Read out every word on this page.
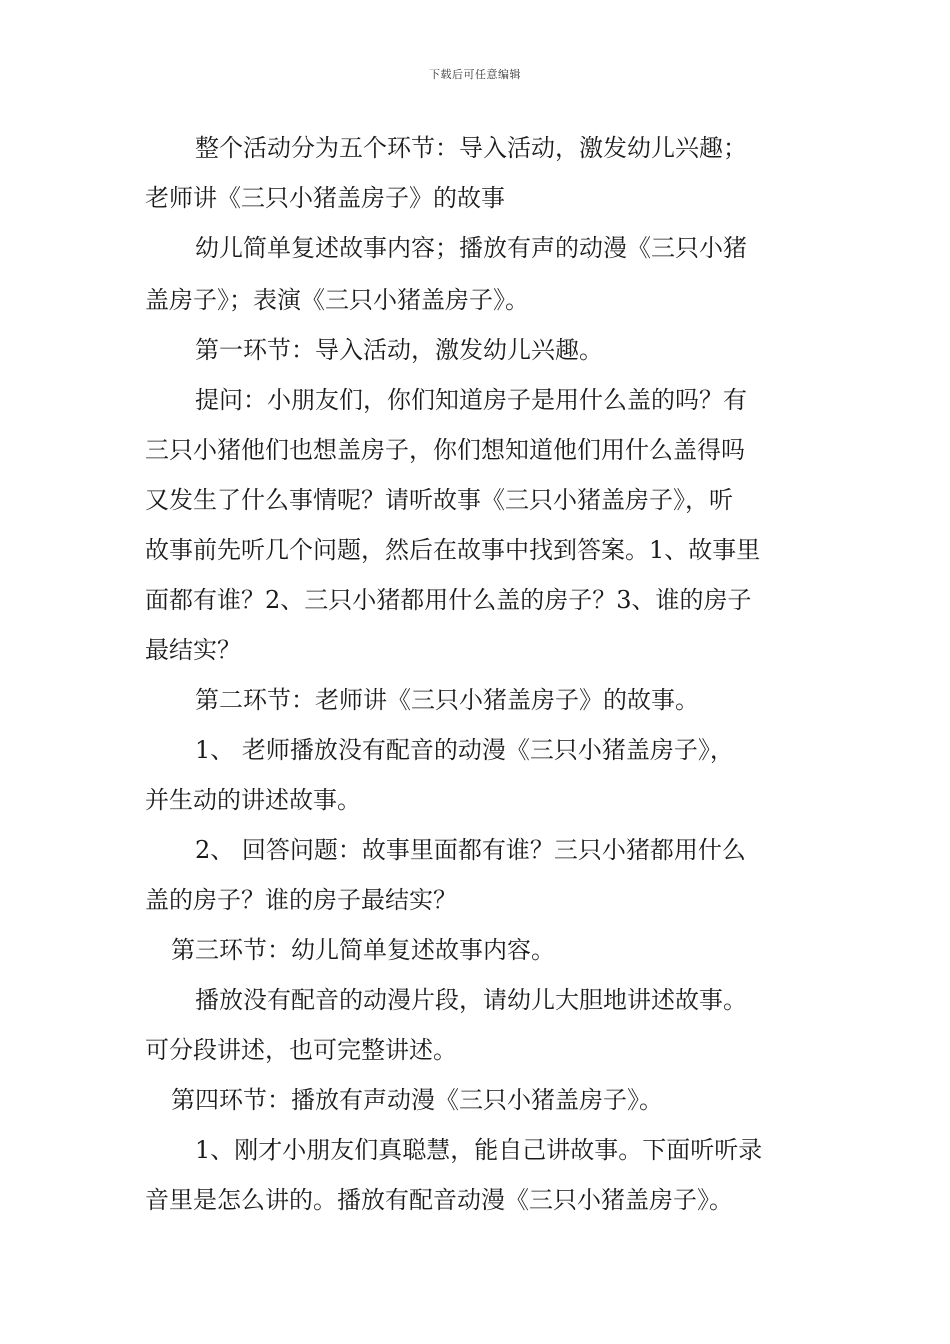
下载后可任意编辑
整个活动分为五个环节：导入活动，激发幼儿兴趣；
老师讲《三只小猪盖房子》的故事
幼儿简单复述故事内容；播放有声的动漫《三只小猪
盖房子》；表演《三只小猪盖房子》。
第一环节：导入活动，激发幼儿兴趣。
提问：小朋友们，你们知道房子是用什么盖的吗？有
三只小猪他们也想盖房子，你们想知道他们用什么盖得吗
又发生了什么事情呢？请听故事《三只小猪盖房子》，听
故事前先听几个问题，然后在故事中找到答案。1、故事里
面都有谁？2、三只小猪都用什么盖的房子？3、谁的房子
最结实？
第二环节：老师讲《三只小猪盖房子》的故事。
1、 老师播放没有配音的动漫《三只小猪盖房子》，
并生动的讲述故事。
2、 回答问题：故事里面都有谁？三只小猪都用什么
盖的房子？谁的房子最结实？
第三环节：幼儿简单复述故事内容。
播放没有配音的动漫片段，请幼儿大胆地讲述故事。
可分段讲述，也可完整讲述。
第四环节：播放有声动漫《三只小猪盖房子》。
1、刚才小朋友们真聪慧，能自己讲故事。下面听听录
音里是怎么讲的。播放有配音动漫《三只小猪盖房子》。
